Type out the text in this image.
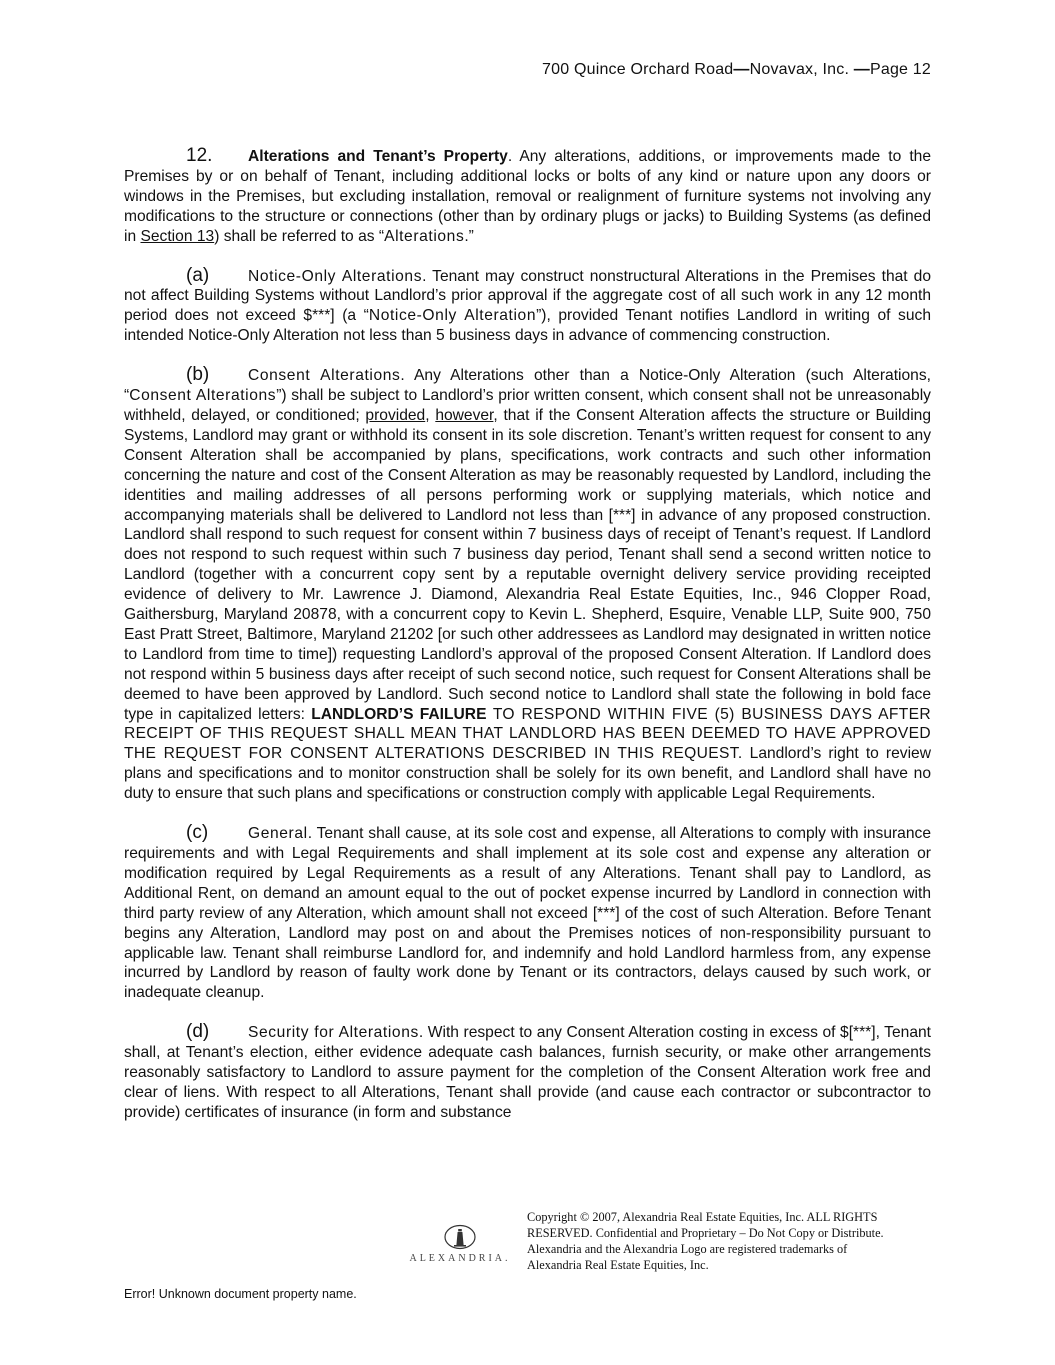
700 Quince Orchard Road—Novavax, Inc. —Page 12

12. Alterations and Tenant’s Property. Any alterations, additions, or improvements made to the Premises by or on behalf of Tenant, including additional locks or bolts of any kind or nature upon any doors or windows in the Premises, but excluding installation, removal or realignment of furniture systems not involving any modifications to the structure or connections (other than by ordinary plugs or jacks) to Building Systems (as defined in Section 13) shall be referred to as “Alterations.”

(a) Notice-Only Alterations. Tenant may construct nonstructural Alterations in the Premises that do not affect Building Systems without Landlord’s prior approval if the aggregate cost of all such work in any 12 month period does not exceed $***] (a “Notice-Only Alteration”), provided Tenant notifies Landlord in writing of such intended Notice-Only Alteration not less than 5 business days in advance of commencing construction.

(b) Consent Alterations. Any Alterations other than a Notice-Only Alteration (such Alterations, “Consent Alterations”) shall be subject to Landlord’s prior written consent, which consent shall not be unreasonably withheld, delayed, or conditioned; provided, however, that if the Consent Alteration affects the structure or Building Systems, Landlord may grant or withhold its consent in its sole discretion. Tenant’s written request for consent to any Consent Alteration shall be accompanied by plans, specifications, work contracts and such other information concerning the nature and cost of the Consent Alteration as may be reasonably requested by Landlord, including the identities and mailing addresses of all persons performing work or supplying materials, which notice and accompanying materials shall be delivered to Landlord not less than [***] in advance of any proposed construction. Landlord shall respond to such request for consent within 7 business days of receipt of Tenant’s request. If Landlord does not respond to such request within such 7 business day period, Tenant shall send a second written notice to Landlord (together with a concurrent copy sent by a reputable overnight delivery service providing receipted evidence of delivery to Mr. Lawrence J. Diamond, Alexandria Real Estate Equities, Inc., 946 Clopper Road, Gaithersburg, Maryland 20878, with a concurrent copy to Kevin L. Shepherd, Esquire, Venable LLP, Suite 900, 750 East Pratt Street, Baltimore, Maryland 21202 [or such other addressees as Landlord may designated in written notice to Landlord from time to time]) requesting Landlord’s approval of the proposed Consent Alteration. If Landlord does not respond within 5 business days after receipt of such second notice, such request for Consent Alterations shall be deemed to have been approved by Landlord. Such second notice to Landlord shall state the following in bold face type in capitalized letters: LANDLORD’S FAILURE TO RESPOND WITHIN FIVE (5) BUSINESS DAYS AFTER RECEIPT OF THIS REQUEST SHALL MEAN THAT LANDLORD HAS BEEN DEEMED TO HAVE APPROVED THE REQUEST FOR CONSENT ALTERATIONS DESCRIBED IN THIS REQUEST. Landlord’s right to review plans and specifications and to monitor construction shall be solely for its own benefit, and Landlord shall have no duty to ensure that such plans and specifications or construction comply with applicable Legal Requirements.

(c)	General. Tenant shall cause, at its sole cost and expense, all Alterations to comply with insurance requirements and with Legal Requirements and shall implement at its sole cost and expense any alteration or modification required by Legal Requirements as a result of any Alterations. Tenant shall pay to Landlord, as Additional Rent, on demand an amount equal to the out of pocket expense incurred by Landlord in connection with third party review of any Alteration, which amount shall not exceed [***] of the cost of such Alteration. Before Tenant begins any Alteration, Landlord may post on and about the Premises notices of non-responsibility pursuant to applicable law. Tenant shall reimburse Landlord for, and indemnify and hold Landlord harmless from, any expense incurred by Landlord by reason of faulty work done by Tenant or its contractors, delays caused by such work, or inadequate cleanup.

(d) Security for Alterations. With respect to any Consent Alteration costing in excess of $[***], Tenant shall, at Tenant’s election, either evidence adequate cash balances, furnish security, or make other arrangements reasonably satisfactory to Landlord to assure payment for the completion of the Consent Alteration work free and clear of liens. With respect to all Alterations, Tenant shall provide (and cause each contractor or subcontractor to provide) certificates of insurance (in form and substance

ALEXANDRIA.
Copyright © 2007, Alexandria Real Estate Equities, Inc. ALL RIGHTS RESERVED. Confidential and Proprietary – Do Not Copy or Distribute. Alexandria and the Alexandria Logo are registered trademarks of Alexandria Real Estate Equities, Inc.
Error! Unknown document property name.
